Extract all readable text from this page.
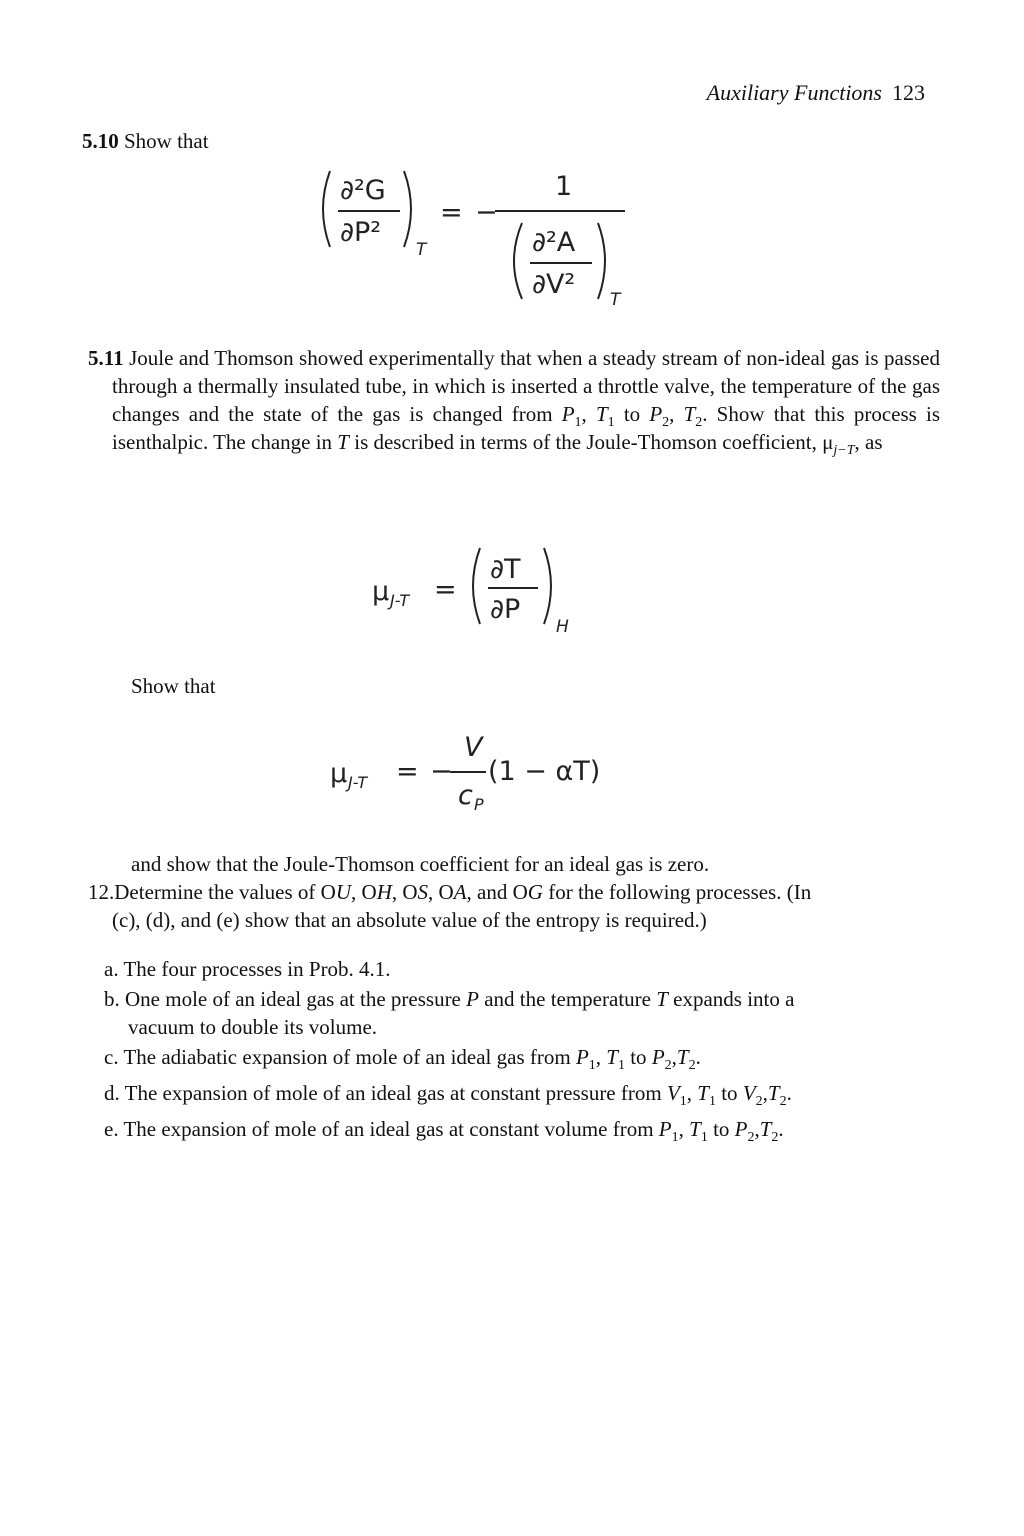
Auxiliary Functions 123
5.10 Show that
∂²G
∂P²
T
= −
1
∂²A
∂V² T
5.11 Joule and Thomson showed experimentally that when a steady stream of non-ideal gas is passed through a thermally insulated tube, in which is inserted a throttle valve, the temperature of the gas changes and the state of the gas is changed from $P_1$, $T_1$ to $P_2$, $T_2$. Show that this process is isenthalpic. The change in T is described in terms of the Joule-Thomson coefficient, $\mu_{j-T}$, as
μ J-T =
∂T
∂P
H
Show that
μ J-T = −
V
c P
(1 − αT)
and show that the Joule-Thomson coefficient for an ideal gas is zero.
12.Determine the values of OU, OH, OS, OA, and OG for the following processes. (In
(c), (d), and (e) show that an absolute value of the entropy is required.)
a. The four processes in Prob. 4.1.
b. One mole of an ideal gas at the pressure P and the temperature T expands into a
vacuum to double its volume.
c. The adiabatic expansion of mole of an ideal gas from $P_1$, $T_1$ to $P_2,T_2$.
d. The expansion of mole of an ideal gas at constant pressure from $V_1$, $T_1$ to $V_2,T_2$.
e. The expansion of mole of an ideal gas at constant volume from $P_1$, $T_1$ to $P_2,T_2$.
